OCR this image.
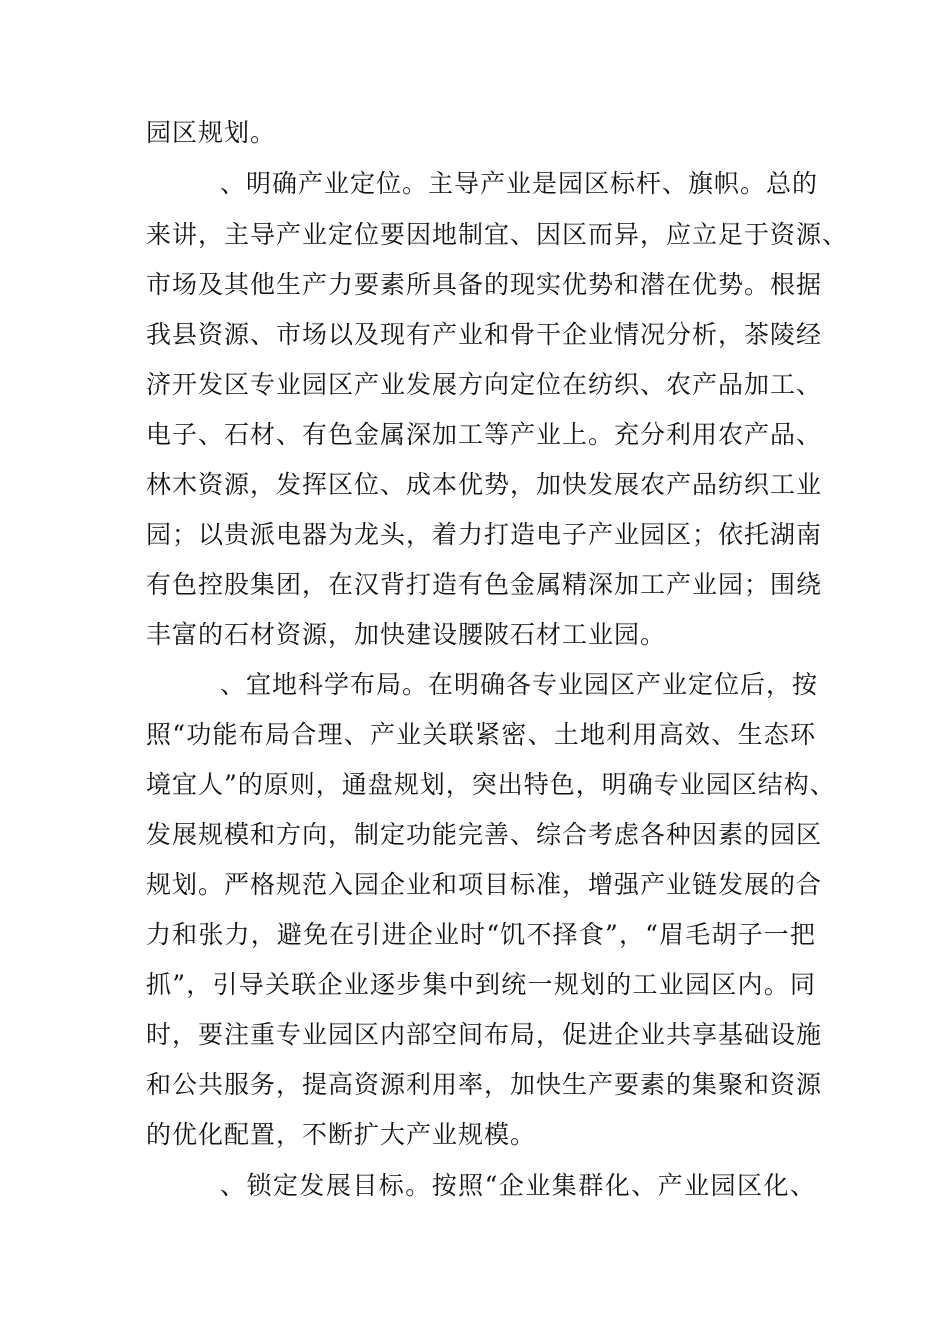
园区规划。
、明确产业定位。主导产业是园区标杆、旗帜。总的
来讲，主导产业定位要因地制宜、因区而异，应立足于资源、
市场及其他生产力要素所具备的现实优势和潜在优势。根据
我县资源、市场以及现有产业和骨干企业情况分析，茶陵经
济开发区专业园区产业发展方向定位在纺织、农产品加工、
电子、石材、有色金属深加工等产业上。充分利用农产品、
林木资源，发挥区位、成本优势，加快发展农产品纺织工业
园；以贵派电器为龙头，着力打造电子产业园区；依托湖南
有色控股集团，在汉背打造有色金属精深加工产业园；围绕
丰富的石材资源，加快建设腰陂石材工业园。
、宜地科学布局。在明确各专业园区产业定位后，按
照“功能布局合理、产业关联紧密、土地利用高效、生态环
境宜人”的原则，通盘规划，突出特色，明确专业园区结构、
发展规模和方向，制定功能完善、综合考虑各种因素的园区
规划。严格规范入园企业和项目标准，增强产业链发展的合
力和张力，避免在引进企业时“饥不择食”，“眉毛胡子一把
抓”，引导关联企业逐步集中到统一规划的工业园区内。同
时，要注重专业园区内部空间布局，促进企业共享基础设施
和公共服务，提高资源利用率，加快生产要素的集聚和资源
的优化配置，不断扩大产业规模。
、锁定发展目标。按照“企业集群化、产业园区化、
